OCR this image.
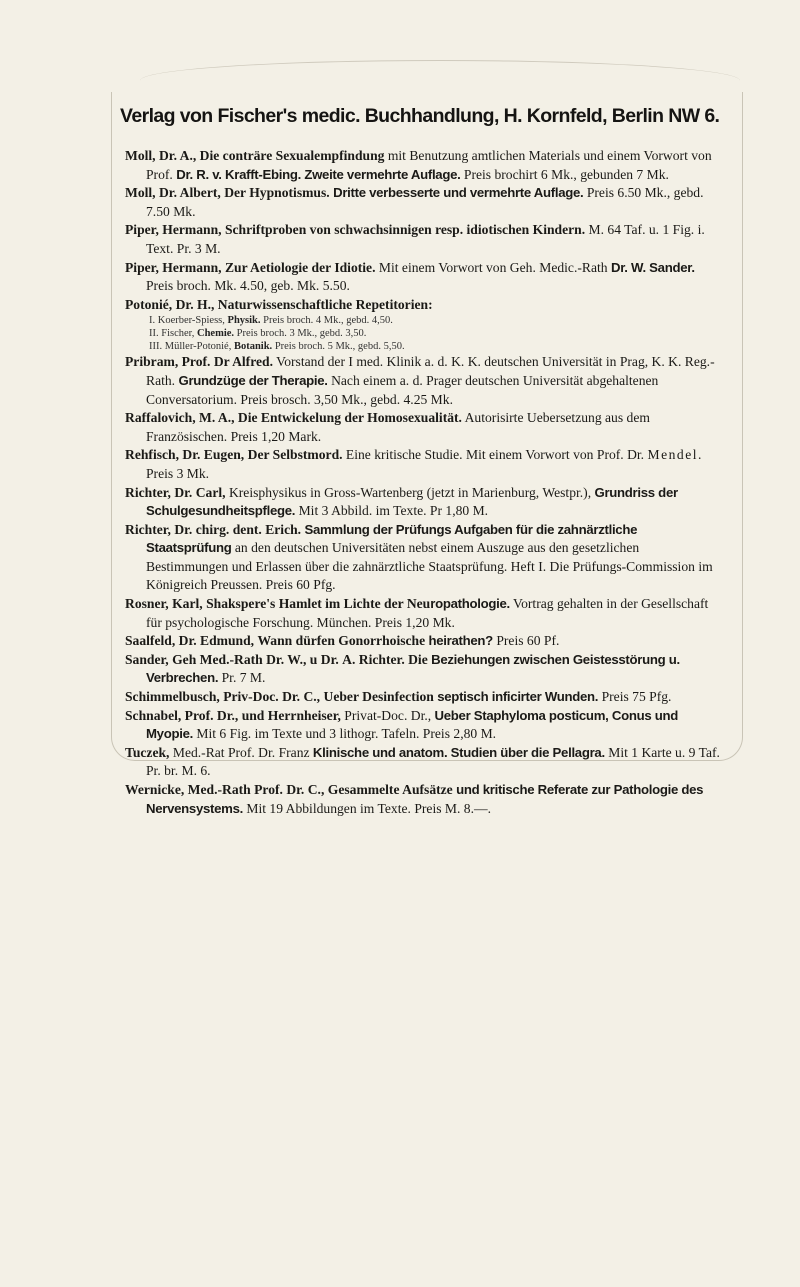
Verlag von Fischer's medic. Buchhandlung, H. Kornfeld, Berlin NW 6.
Moll, Dr. A., Die conträre Sexualempfindung mit Benutzung amtlichen Materials und einem Vorwort von Prof. Dr. R. v. Krafft-Ebing. Zweite vermehrte Auflage. Preis brochirt 6 Mk., gebunden 7 Mk.
Moll, Dr. Albert, Der Hypnotismus. Dritte verbesserte und vermehrte Auflage. Preis 6.50 Mk., gebd. 7.50 Mk.
Piper, Hermann, Schriftproben von schwachsinnigen resp. idiotischen Kindern. M. 64 Taf. u. 1 Fig. i. Text. Pr. 3 M.
Piper, Hermann, Zur Aetiologie der Idiotie. Mit einem Vorwort von Geh. Medic.-Rath Dr. W. Sander. Preis broch. Mk. 4.50, geb. Mk. 5.50.
Potonié, Dr. H., Naturwissenschaftliche Repetitorien:
I. Koerber-Spiess, Physik. Preis broch. 4 Mk., gebd. 4,50.
II. Fischer, Chemie. Preis broch. 3 Mk., gebd. 3,50.
III. Müller-Potonié, Botanik. Preis broch. 5 Mk., gebd. 5,50.
Pribram, Prof. Dr Alfred. Vorstand der I med. Klinik a. d. K. K. deutschen Universität in Prag, K. K. Reg.-Rath. Grundzüge der Therapie. Nach einem a. d. Prager deutschen Universität abgehaltenen Conversatorium. Preis brosch. 3,50 Mk., gebd. 4.25 Mk.
Raffalovich, M. A., Die Entwickelung der Homosexualität. Autorisirte Uebersetzung aus dem Französischen. Preis 1,20 Mark.
Rehfisch, Dr. Eugen, Der Selbstmord. Eine kritische Studie. Mit einem Vorwort von Prof. Dr. Mendel. Preis 3 Mk.
Richter, Dr. Carl, Kreisphysikus in Gross-Wartenberg (jetzt in Marienburg, Westpr.), Grundriss der Schulgesundheitspflege. Mit 3 Abbild. im Texte. Pr 1,80 M.
Richter, Dr. chirg. dent. Erich. Sammlung der Prüfungs Aufgaben für die zahnärztliche Staatsprüfung an den deutschen Universitäten nebst einem Auszuge aus den gesetzlichen Bestimmungen und Erlassen über die zahnärztliche Staatsprüfung. Heft I. Die Prüfungs-Commission im Königreich Preussen. Preis 60 Pfg.
Rosner, Karl, Shakspere's Hamlet im Lichte der Neuropathologie. Vortrag gehalten in der Gesellschaft für psychologische Forschung. München. Preis 1,20 Mk.
Saalfeld, Dr. Edmund, Wann dürfen Gonorrhoische heirathen? Preis 60 Pf.
Sander, Geh Med.-Rath Dr. W., u Dr. A. Richter. Die Beziehungen zwischen Geistesstörung u. Verbrechen. Pr. 7 M.
Schimmelbusch, Priv-Doc. Dr. C., Ueber Desinfection septisch inficirter Wunden. Preis 75 Pfg.
Schnabel, Prof. Dr., und Herrnheiser, Privat-Doc. Dr., Ueber Staphyloma posticum, Conus und Myopie. Mit 6 Fig. im Texte und 3 lithogr. Tafeln. Preis 2,80 M.
Tuczek, Med.-Rat Prof. Dr. Franz Klinische und anatom. Studien über die Pellagra. Mit 1 Karte u. 9 Taf. Pr. br. M. 6.
Wernicke, Med.-Rath Prof. Dr. C., Gesammelte Aufsätze und kritische Referate zur Pathologie des Nervensystems. Mit 19 Abbildungen im Texte. Preis M. 8.—.
